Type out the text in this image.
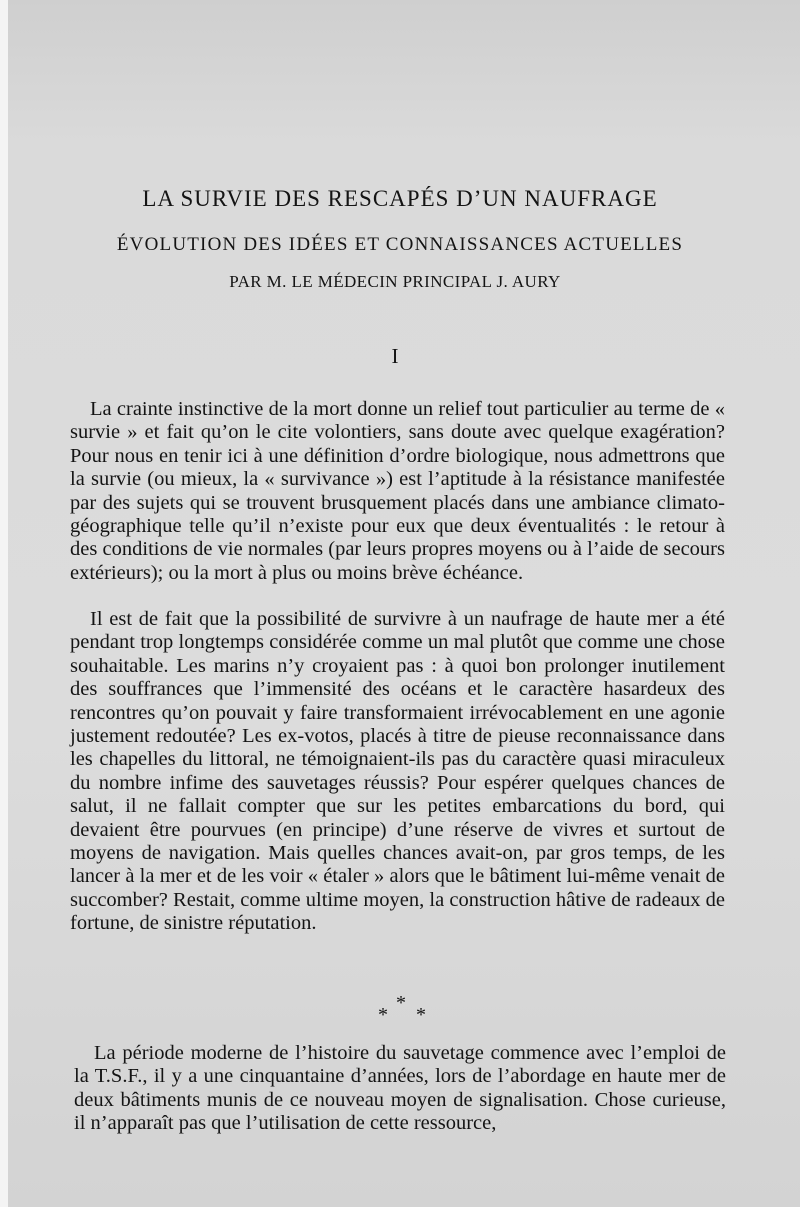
LA SURVIE DES RESCAPÉS D’UN NAUFRAGE
ÉVOLUTION DES IDÉES ET CONNAISSANCES ACTUELLES
PAR M. LE MÉDECIN PRINCIPAL J. AURY
I

La crainte instinctive de la mort donne un relief tout particulier au terme de « survie » et fait qu’on le cite volontiers, sans doute avec quelque exagération? Pour nous en tenir ici à une définition d’ordre biologique, nous admettrons que la survie (ou mieux, la « survivance ») est l’aptitude à la résistance manifestée par des sujets qui se trouvent brusquement placés dans une ambiance climato-géographique telle qu’il n’existe pour eux que deux éventualités : le retour à des conditions de vie normales (par leurs propres moyens ou à l’aide de secours extérieurs); ou la mort à plus ou moins brève échéance.

Il est de fait que la possibilité de survivre à un naufrage de haute mer a été pendant trop longtemps considérée comme un mal plutôt que comme une chose souhaitable. Les marins n’y croyaient pas : à quoi bon prolonger inutilement des souffrances que l’immensité des océans et le caractère hasardeux des rencontres qu’on pouvait y faire transformaient irrévocablement en une agonie justement redoutée? Les ex-votos, placés à titre de pieuse reconnaissance dans les chapelles du littoral, ne témoignaient-ils pas du caractère quasi miraculeux du nombre infime des sauvetages réussis? Pour espérer quelques chances de salut, il ne fallait compter que sur les petites embarcations du bord, qui devaient être pourvues (en principe) d’une réserve de vivres et surtout de moyens de navigation. Mais quelles chances avait-on, par gros temps, de les lancer à la mer et de les voir « étaler » alors que le bâtiment lui-même venait de succomber? Restait, comme ultime moyen, la construction hâtive de radeaux de fortune, de sinistre réputation.

*
* *

La période moderne de l’histoire du sauvetage commence avec l’emploi de la T.S.F., il y a une cinquantaine d’années, lors de l’abordage en haute mer de deux bâtiments munis de ce nouveau moyen de signalisation. Chose curieuse, il n’apparaît pas que l’utilisation de cette ressource,
